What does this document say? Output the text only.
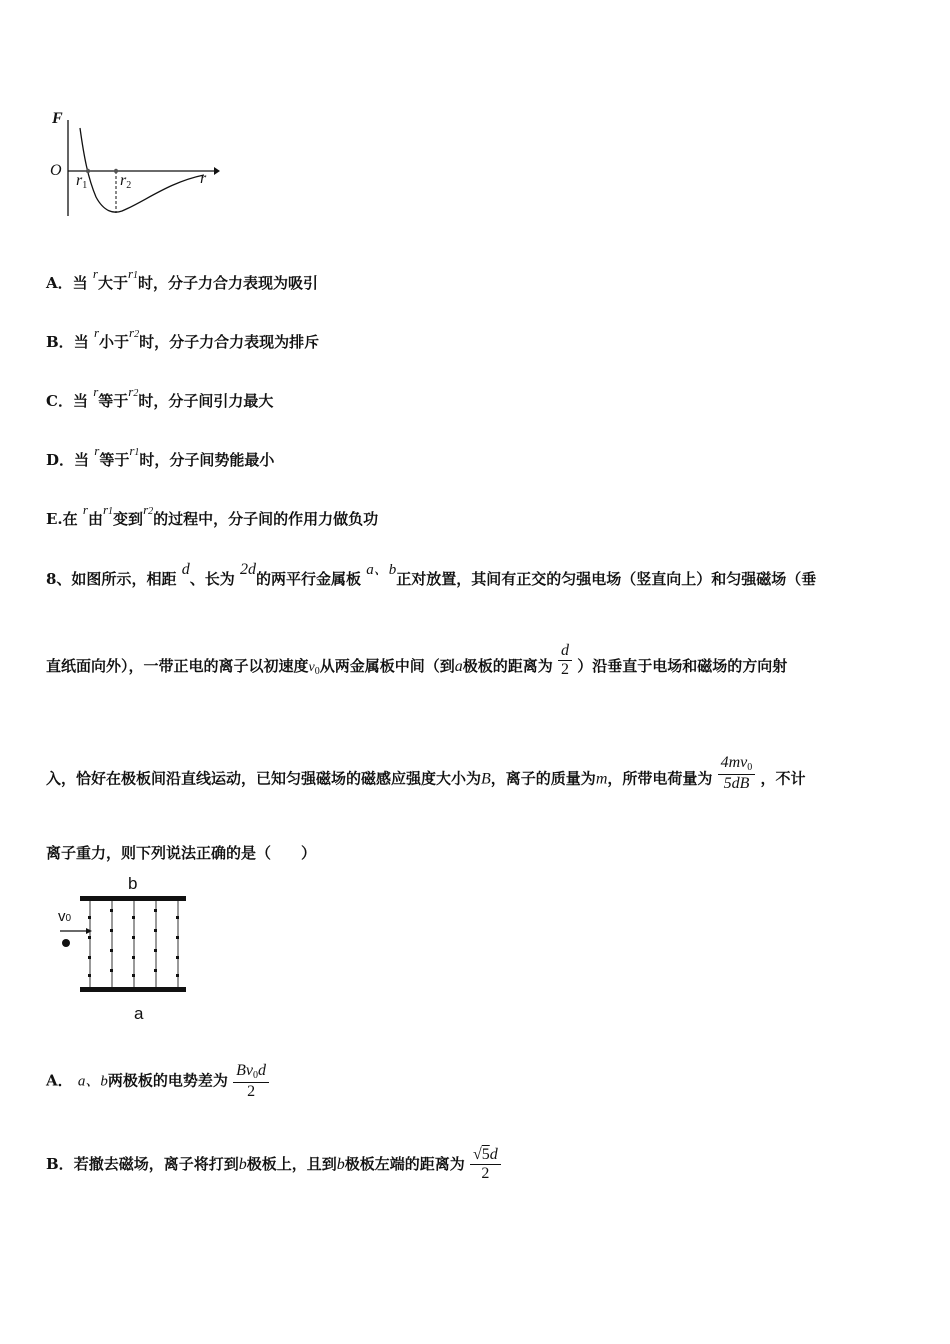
F
O
$r_1$ $r_2$	r
A．当 r大于r1时，分子力合力表现为吸引
B．当 r小于r2时，分子力合力表现为排斥
C．当 r等于r2时，分子间引力最大
D．当 r等于r1时，分子间势能最小
E.在 r由r1变到r2的过程中，分子间的作用力做负功
8、如图所示，相距 d、长为 2d的两平行金属板 a、b正对放置，其间有正交的匀强电场（竖直向上）和匀强磁场（垂
直纸面向外），一带正电的离子以初速度$v_0$从两金属板中间（到a极板的距离为 $\frac{d}{2}$ ）沿垂直于电场和磁场的方向射
入，恰好在极板间沿直线运动，已知匀强磁场的磁感应强度大小为B，离子的质量为m，所带电荷量为 $\frac{4mv_0}{5dB}$ ，不计
离子重力，则下列说法正确的是（　　）
b
a
v0
A． a、b两极板的电势差为 $\frac{Bv_0d}{2}$
B．若撤去磁场，离子将打到b极板上，且到b极板左端的距离为 $\frac{√5d}{2}$
